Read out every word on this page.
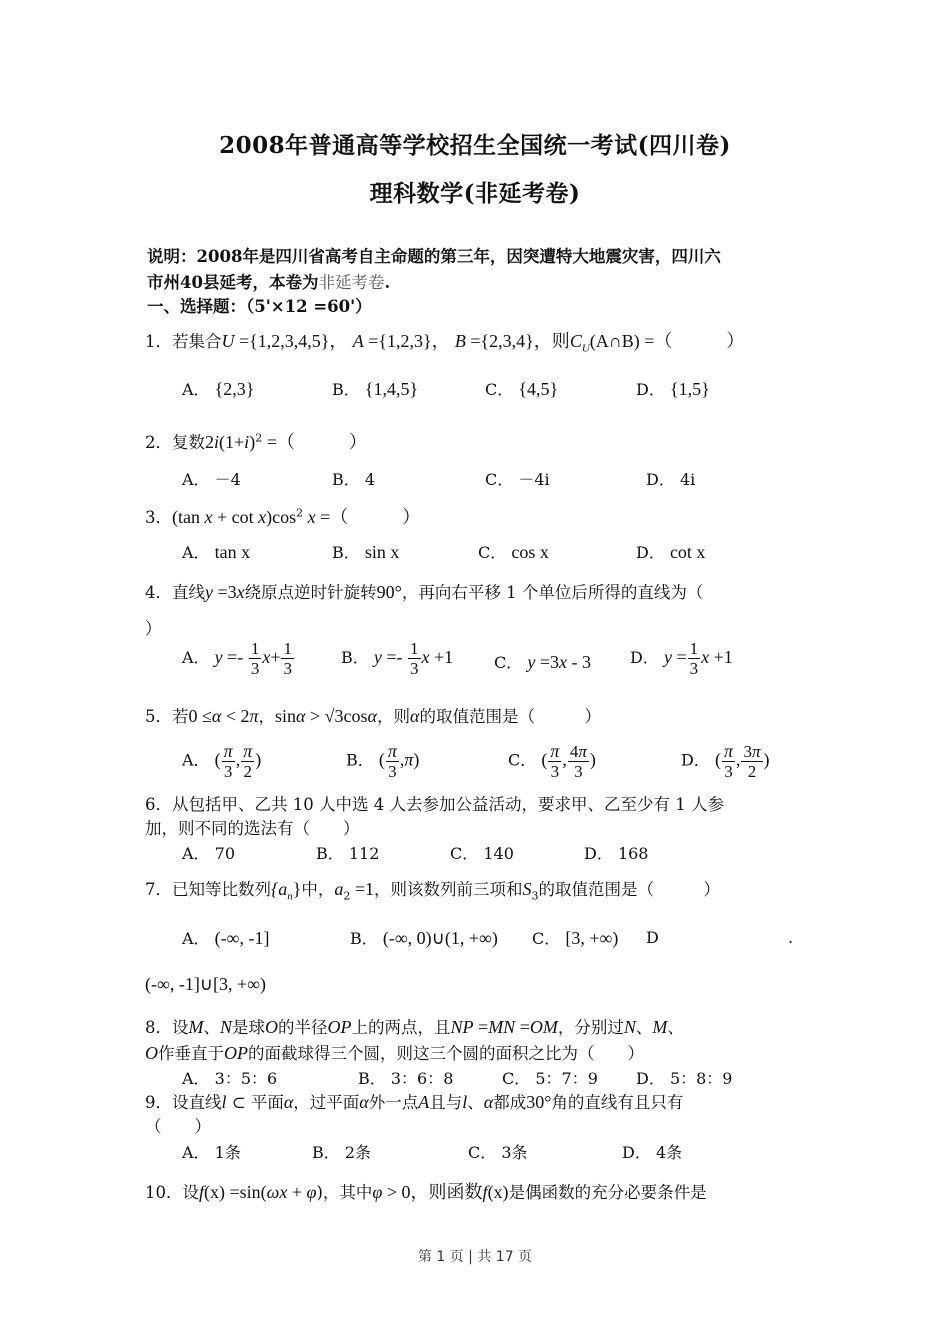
2008年普通高等学校招生全国统一考试(四川卷)
理科数学(非延考卷)
说明：2008年是四川省高考自主命题的第三年，因突遭特大地震灾害，四川六
市州40县延考，本卷为非延考卷.
一、选择题：（5'×12 =60'）
1．若集合U ={1,2,3,4,5}， A ={1,2,3}， B ={2,3,4}，则$C_U(A\cap B)$ =（　　　）
A． {2,3}	B． {1,4,5}	C． {4,5}	D． {1,5}
2．复数$2i(1+i)^2$ =（　　　）
A． －4	B． 4	C． －4i	D． 4i
3．(tan $x + \cot x)\cos^2$ x =（　　　）
A． tan x	B． sin x	C． cos x	D． cot x
4．直线y =3x绕原点逆时针旋转90°，再向右平移 1 个单位后所得的直线为（
）
A． $y =- \frac{1}{3} x+ \frac{1}{3}$	B． $y =- \frac{1}{3}$ x +1	C． y =3x - 3 D． $y = \frac{1}{3}$ x +1
5．若0 ≤α < 2π，sinα > √3cosα，则α的取值范围是（　　　）
A． ( $\frac{\pi}{3}$ , $\frac{\pi}{2}$ )	B． ( $\frac{\pi}{3} ,\pi$)	C． ( $\frac{\pi}{3}$ , $\frac{4\pi}{3}$ )	D． ( $\frac{\pi}{3}$ , $\frac{3\pi}{2}$ )
6．从包括甲、乙共 10 人中选 4 人去参加公益活动，要求甲、乙至少有 1 人参
加，则不同的选法有（　　）
A． 70	B． 112	C． 140	D． 168
7．已知等比数列$\{a_n\}$中，$a_2 =1$，则该数列前三项和$S_3$的取值范围是（　　　）
A． (-∞, -1]	B． (-∞, 0)∪(1, +∞) C． [3, +∞) D	.
(-∞, -1]∪[3, +∞)
8．设M、N是球O的半径OP上的两点，且NP =MN =OM，分别过N、M、
O作垂直于OP的面截球得三个圆，则这三个圆的面积之比为（　　）
A． 3：5：6	B． 3：6：8	C． 5：7：9 D． 5：8：9
9．设直线l ⊂ 平面α，过平面α外一点A且与l、α都成30°角的直线有且只有
（　　）
A． 1条	B． 2条	C． 3条	D． 4条
10．设f(x) =sin(ωx + φ)，其中φ > 0，则函数f(x)是偶函数的充分必要条件是
第 1 页 | 共 17 页
